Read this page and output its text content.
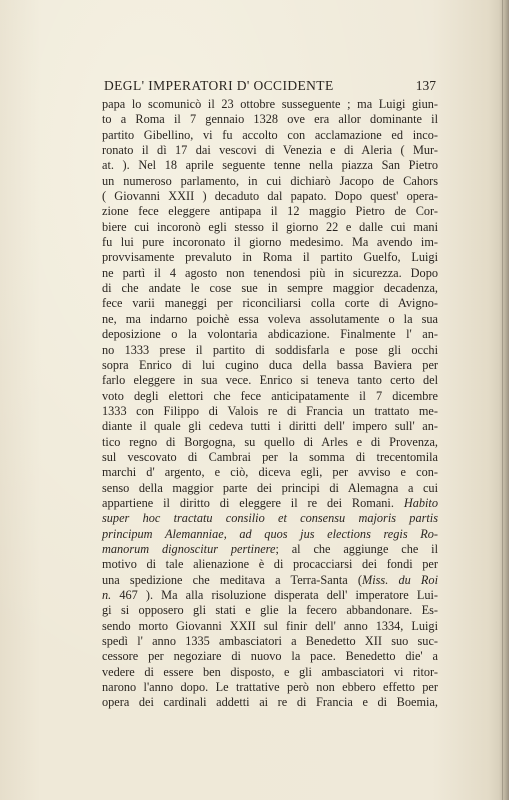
DEGL' IMPERATORI D' OCCIDENTE	137
papa lo scomunicò il 23 ottobre susseguente ; ma Luigi giun-
to a Roma il 7 gennaio 1328 ove era allor dominante il
partito Gibellino, vi fu accolto con acclamazione ed inco-
ronato il dì 17 dai vescovi di Venezia e di Aleria ( Mur-
at. ). Nel 18 aprile seguente tenne nella piazza San Pietro
un numeroso parlamento, in cui dichiarò Jacopo de Cahors
( Giovanni XXII ) decaduto dal papato. Dopo quest' opera-
zione fece eleggere antipapa il 12 maggio Pietro de Cor-
biere cui incoronò egli stesso il giorno 22 e dalle cui mani
fu lui pure incoronato il giorno medesimo. Ma avendo im-
provvisamente prevaluto in Roma il partito Guelfo, Luigi
ne partì il 4 agosto non tenendosi più in sicurezza. Dopo
di che andate le cose sue in sempre maggior decadenza,
fece varii maneggi per riconciliarsi colla corte di Avigno-
ne, ma indarno poichè essa voleva assolutamente o la sua
deposizione o la volontaria abdicazione. Finalmente l' an-
no 1333 prese il partito di soddisfarla e pose gli occhi
sopra Enrico di lui cugino duca della bassa Baviera per
farlo eleggere in sua vece. Enrico si teneva tanto certo del
voto degli elettori che fece anticipatamente il 7 dicembre
1333 con Filippo di Valois re di Francia un trattato me-
diante il quale gli cedeva tutti i diritti dell' impero sull' an-
tico regno di Borgogna, su quello di Arles e di Provenza,
sul vescovato di Cambrai per la somma di trecentomila
marchi d' argento, e ciò, diceva egli, per avviso e con-
senso della maggior parte dei principi di Alemagna a cui
appartiene il diritto di eleggere il re dei Romani. Habito
super hoc tractatu consilio et consensu majoris partis
principum Alemanniae, ad quos jus elections regis Ro-
manorum dignoscitur pertinere; al che aggiunge che il
motivo di tale alienazione è di procacciarsi dei fondi per
una spedizione che meditava a Terra-Santa (Miss. du Roi
n. 467 ). Ma alla risoluzione disperata dell' imperatore Lui-
gi si opposero gli stati e glie la fecero abbandonare. Es-
sendo morto Giovanni XXII sul finir dell' anno 1334, Luigi
spedì l' anno 1335 ambasciatori a Benedetto XII suo suc-
cessore per negoziare di nuovo la pace. Benedetto die' a
vedere di essere ben disposto, e gli ambasciatori vi ritor-
narono l'anno dopo. Le trattative però non ebbero effetto per
opera dei cardinali addetti ai re di Francia e di Boemia,
